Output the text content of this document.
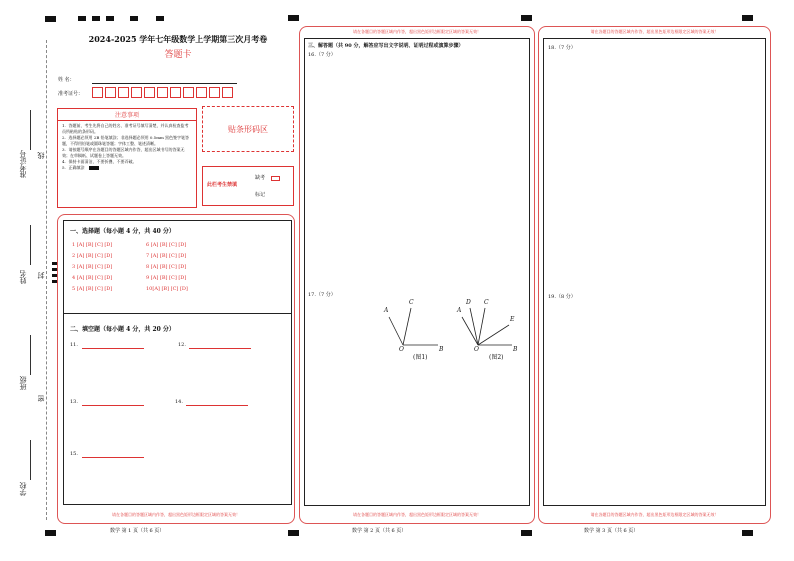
准考证号 线
姓名 封
班级
密
学校
2024-2025 学年七年级数学上学期第三次月考卷
答题卡
姓 名：
准考证号：
注意事项
1．答题前，考生先将自己的姓名、准考证号填写清楚，并认真检查监考员所粘贴的条形码。
2．选择题必须用 2B 铅笔填涂；非选择题必须用 0.5mm 黑色签字笔答题，不得用铅笔或圆珠笔答题；字体工整、笔迹清晰。
3．请按题号顺序在各题目的答题区域内作答，超出区域书写的答案无效；在草稿纸、试题卷上答题无效。
4．保持卡面清洁，不要折叠、不要弄破。
5．正确填涂
贴条形码区
此栏考生禁填
缺考
标记
一、选择题（每小题 4 分，共 40 分）
1 [A] [B] [C] [D]
2 [A] [B] [C] [D]
3 [A] [B] [C] [D]
4 [A] [B] [C] [D]
5 [A] [B] [C] [D]
6 [A] [B] [C] [D]
7 [A] [B] [C] [D]
8 [A] [B] [C] [D]
9 [A] [B] [C] [D]
10[A] [B] [C] [D]
二、填空题（每小题 4 分，共 20 分）
11.	12.
13.	14.
15.
请在各题目的答题区域内作答，超出黑色矩形边框限定区域的答案无效！
数学 第 1 页（共 6 页）
请在各题目的答题区域内作答，超出黑色矩形边框限定区域的答案无效！
三、解答题（共 90 分，解答应写出文字说明、证明过程或演算步骤）
16.（7 分）
17.（7 分）
A
C
O	B
(图1)
A
D C
E
O	B
(图2)
请在各题目的答题区域内作答，超出黑色矩形边框限定区域的答案无效！
数学 第 2 页（共 6 页）
请在各题目的答题区域内作答，超出黑色矩形边框限定区域的答案无效！
18.（7 分）
19.（8 分）
请在各题目的答题区域内作答，超出黑色矩形边框限定区域的答案无效！
数学 第 3 页（共 6 页）
